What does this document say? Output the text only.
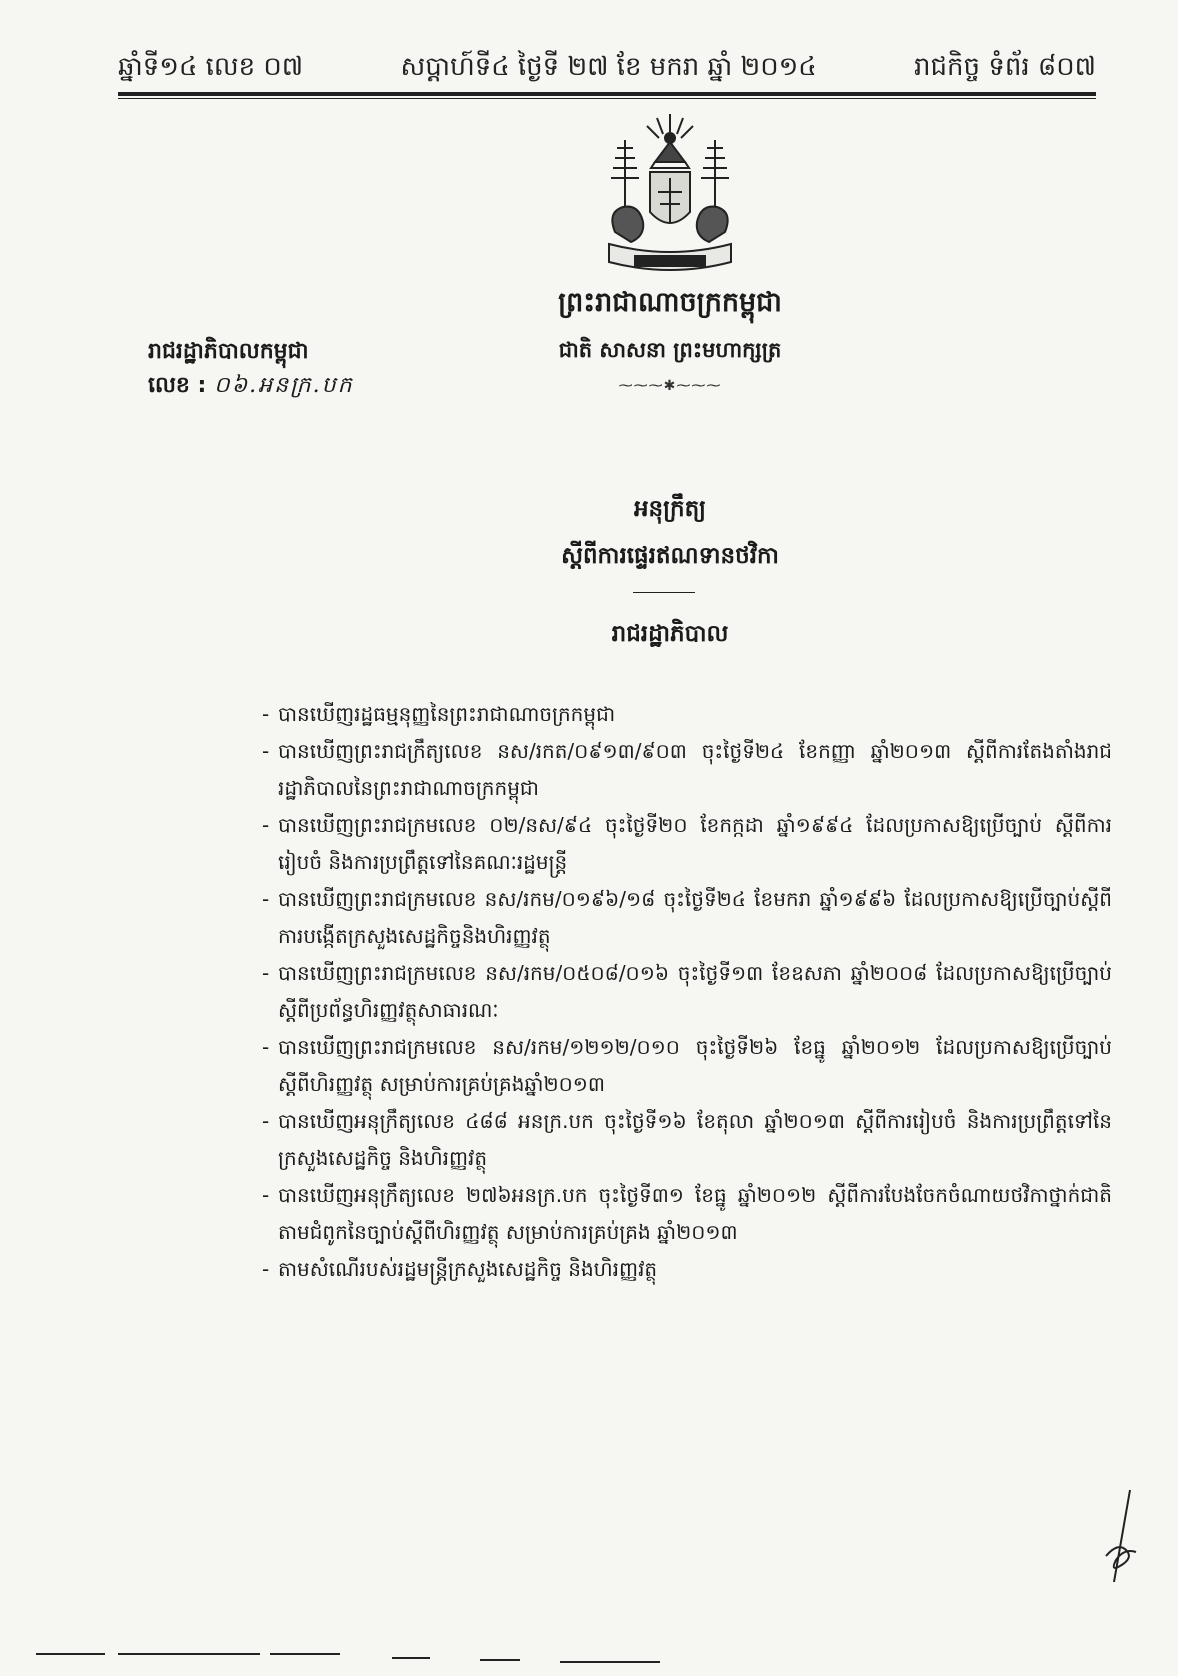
ឆ្នាំទី១៤ លេខ ០៧	សប្តាហ៍ទី៤ ថ្ងៃទី ២៧ ខែ មករា ឆ្នាំ ២០១៤	រាជកិច្ច ទំព័រ ៨០៧
ព្រះរាជាណាចក្រកម្ពុជា
ជាតិ សាសនា ព្រះមហាក្សត្រ
⁓⁓⁓✱⁓⁓⁓
រាជរដ្ឋាភិបាលកម្ពុជា
លេខ : ០៦.អនក្រ.បក
អនុក្រឹត្យ
ស្តីពីការផ្ទេរឥណទានថវិកា
រាជរដ្ឋាភិបាល
- បានឃើញរដ្ឋធម្មនុញ្ញនៃព្រះរាជាណាចក្រកម្ពុជា
- បានឃើញព្រះរាជក្រឹត្យលេខ នស/រកត/០៩១៣/៩០៣ ចុះថ្ងៃទី២៤ ខែកញ្ញា ឆ្នាំ២០១៣ ស្តីពីការតែងតាំងរាជរដ្ឋាភិបាលនៃព្រះរាជាណាចក្រកម្ពុជា
- បានឃើញព្រះរាជក្រមលេខ ០២/នស/៩៤ ចុះថ្ងៃទី២០ ខែកក្កដា ឆ្នាំ១៩៩៤ ដែលប្រកាសឱ្យប្រើច្បាប់ ស្តីពីការរៀបចំ និងការប្រព្រឹត្តទៅនៃគណៈរដ្ឋមន្ត្រី
- បានឃើញព្រះរាជក្រមលេខ នស/រកម/០១៩៦/១៨ ចុះថ្ងៃទី២៤ ខែមករា ឆ្នាំ១៩៩៦ ដែលប្រកាសឱ្យប្រើច្បាប់ស្តីពីការបង្កើតក្រសួងសេដ្ឋកិច្ចនិងហិរញ្ញវត្ថុ
- បានឃើញព្រះរាជក្រមលេខ នស/រកម/០៥០៨/០១៦ ចុះថ្ងៃទី១៣ ខែឧសភា ឆ្នាំ២០០៨ ដែលប្រកាសឱ្យប្រើច្បាប់ស្តីពីប្រព័ន្ធហិរញ្ញវត្ថុសាធារណៈ
- បានឃើញព្រះរាជក្រមលេខ នស/រកម/១២១២/០១០ ចុះថ្ងៃទី២៦ ខែធ្នូ ឆ្នាំ២០១២ ដែលប្រកាសឱ្យប្រើច្បាប់ស្តីពីហិរញ្ញវត្ថុ សម្រាប់ការគ្រប់គ្រងឆ្នាំ២០១៣
- បានឃើញអនុក្រឹត្យលេខ ៤៨៨ អនក្រ.បក ចុះថ្ងៃទី១៦ ខែតុលា ឆ្នាំ២០១៣ ស្តីពីការរៀបចំ និងការប្រព្រឹត្តទៅនៃក្រសួងសេដ្ឋកិច្ច និងហិរញ្ញវត្ថុ
- បានឃើញអនុក្រឹត្យលេខ ២៧៦អនក្រ.បក ចុះថ្ងៃទី៣១ ខែធ្នូ ឆ្នាំ២០១២ ស្តីពីការបែងចែកចំណាយថវិកាថ្នាក់ជាតិ តាមជំពូកនៃច្បាប់ស្តីពីហិរញ្ញវត្ថុ សម្រាប់ការគ្រប់គ្រង ឆ្នាំ២០១៣
- តាមសំណើរបស់រដ្ឋមន្ត្រីក្រសួងសេដ្ឋកិច្ច និងហិរញ្ញវត្ថុ
